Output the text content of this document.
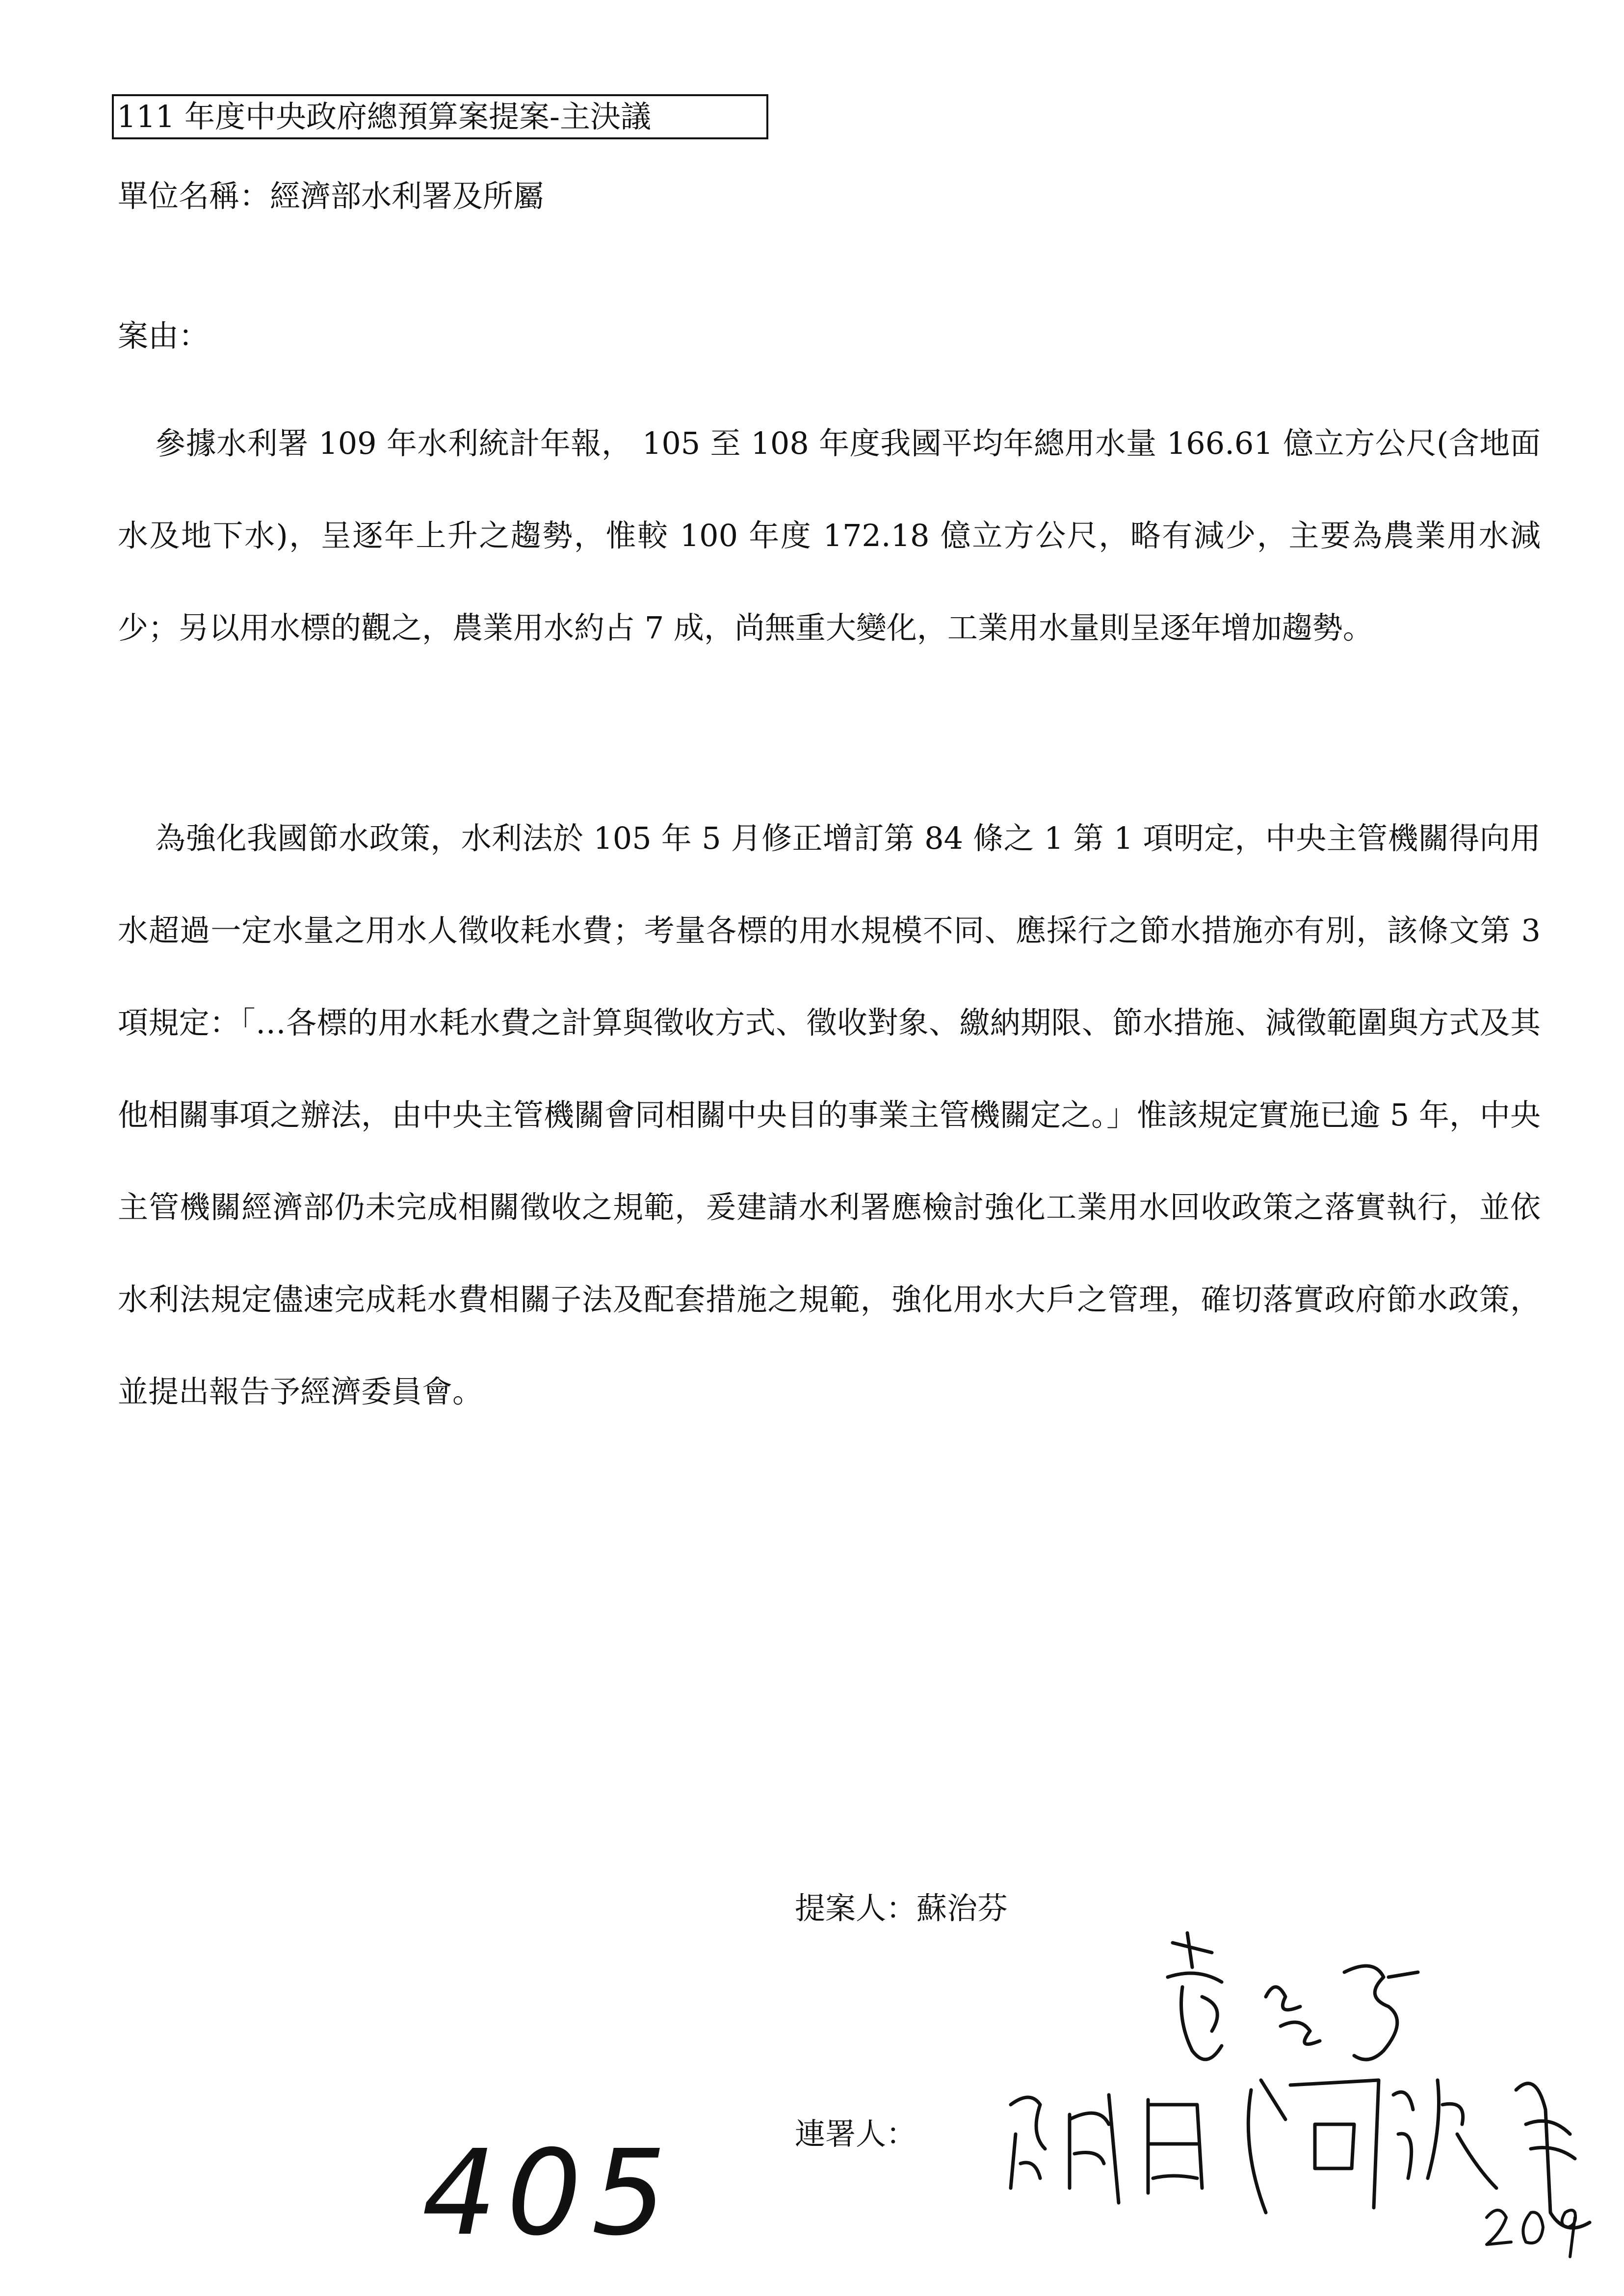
111 年度中央政府總預算案提案-主決議
單位名稱：經濟部水利署及所屬
案由：
參據水利署 109 年水利統計年報， 105 至 108 年度我國平均年總用水量 166.61 億立方公尺(含地面水及地下水)，呈逐年上升之趨勢，惟較 100 年度 172.18 億立方公尺，略有減少，主要為農業用水減少；另以用水標的觀之，農業用水約占 7 成，尚無重大變化，工業用水量則呈逐年增加趨勢。
為強化我國節水政策，水利法於 105 年 5 月修正增訂第 84 條之 1 第 1 項明定，中央主管機關得向用水超過一定水量之用水人徵收耗水費；考量各標的用水規模不同、應採行之節水措施亦有別，該條文第 3 項規定：「…各標的用水耗水費之計算與徵收方式、徵收對象、繳納期限、節水措施、減徵範圍與方式及其他相關事項之辦法，由中央主管機關會同相關中央目的事業主管機關定之。」惟該規定實施已逾 5 年，中央主管機關經濟部仍未完成相關徵收之規範，爰建請水利署應檢討強化工業用水回收政策之落實執行，並依水利法規定儘速完成耗水費相關子法及配套措施之規範，強化用水大戶之管理，確切落實政府節水政策，並提出報告予經濟委員會。
提案人：蘇治芬
連署人：
405
